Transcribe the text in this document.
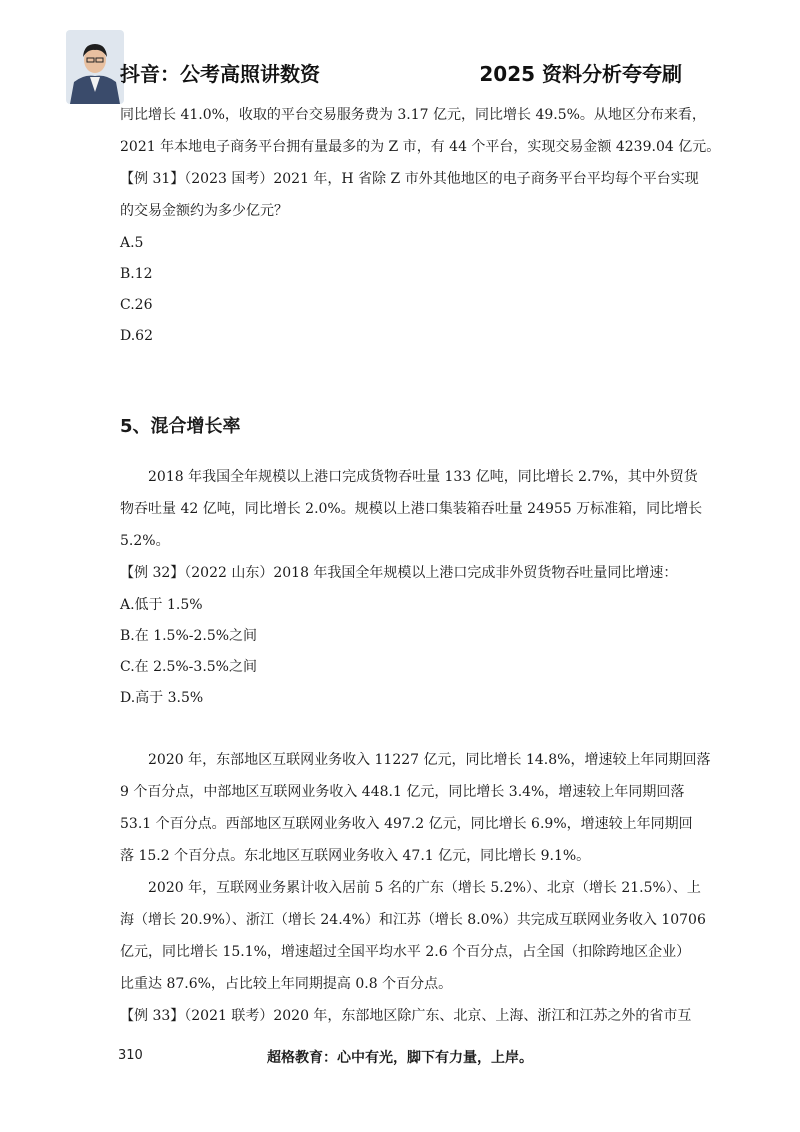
抖音：公考高照讲数资	2025 资料分析夸夸刷
同比增长 41.0%，收取的平台交易服务费为 3.17 亿元，同比增长 49.5%。从地区分布来看，
2021 年本地电子商务平台拥有量最多的为 Z 市，有 44 个平台，实现交易金额 4239.04 亿元。
【例 31】（2023 国考）2021 年，H 省除 Z 市外其他地区的电子商务平台平均每个平台实现
的交易金额约为多少亿元？
A.5
B.12
C.26
D.62
5、混合增长率
2018 年我国全年规模以上港口完成货物吞吐量 133 亿吨，同比增长 2.7%，其中外贸货
物吞吐量 42 亿吨，同比增长 2.0%。规模以上港口集装箱吞吐量 24955 万标准箱，同比增长
5.2%。
【例 32】（2022 山东）2018 年我国全年规模以上港口完成非外贸货物吞吐量同比增速：
A.低于 1.5%
B.在 1.5%-2.5%之间
C.在 2.5%-3.5%之间
D.高于 3.5%
2020 年，东部地区互联网业务收入 11227 亿元，同比增长 14.8%，增速较上年同期回落
9 个百分点，中部地区互联网业务收入 448.1 亿元，同比增长 3.4%，增速较上年同期回落
53.1 个百分点。西部地区互联网业务收入 497.2 亿元，同比增长 6.9%，增速较上年同期回
落 15.2 个百分点。东北地区互联网业务收入 47.1 亿元，同比增长 9.1%。
2020 年，互联网业务累计收入居前 5 名的广东（增长 5.2%）、北京（增长 21.5%）、上
海（增长 20.9%）、浙江（增长 24.4%）和江苏（增长 8.0%）共完成互联网业务收入 10706
亿元，同比增长 15.1%，增速超过全国平均水平 2.6 个百分点，占全国（扣除跨地区企业）
比重达 87.6%，占比较上年同期提高 0.8 个百分点。
【例 33】（2021 联考）2020 年，东部地区除广东、北京、上海、浙江和江苏之外的省市互
310	超格教育：心中有光，脚下有力量，上岸。
